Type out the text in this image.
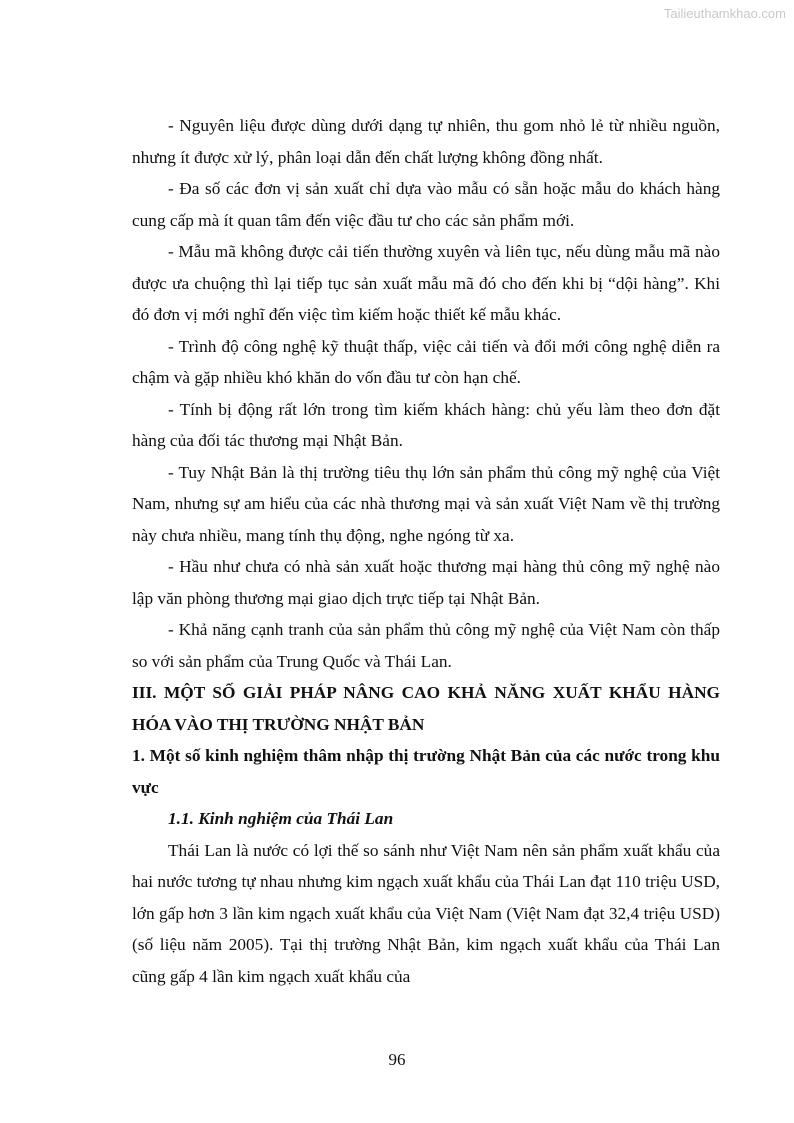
Tailieuthamkhao.com

- Nguyên liệu được dùng dưới dạng tự nhiên, thu gom nhỏ lẻ từ nhiều nguồn, nhưng ít được xử lý, phân loại dẫn đến chất lượng không đồng nhất.

- Đa số các đơn vị sản xuất chỉ dựa vào mẫu có sẵn hoặc mẫu do khách hàng cung cấp mà ít quan tâm đến việc đầu tư cho các sản phẩm mới.

- Mẫu mã không được cải tiến thường xuyên và liên tục, nếu dùng mẫu mã nào được ưa chuộng thì lại tiếp tục sản xuất mẫu mã đó cho đến khi bị “dội hàng”. Khi đó đơn vị mới nghĩ đến việc tìm kiếm hoặc thiết kế mẫu khác.

- Trình độ công nghệ kỹ thuật thấp, việc cải tiến và đổi mới công nghệ diễn ra chậm và gặp nhiều khó khăn do vốn đầu tư còn hạn chế.

- Tính bị động rất lớn trong tìm kiếm khách hàng: chủ yếu làm theo đơn đặt hàng của đối tác thương mại Nhật Bản.

- Tuy Nhật Bản là thị trường tiêu thụ lớn sản phẩm thủ công mỹ nghệ của Việt Nam, nhưng sự am hiểu của các nhà thương mại và sản xuất Việt Nam về thị trường này chưa nhiều, mang tính thụ động, nghe ngóng từ xa.

- Hầu như chưa có nhà sản xuất hoặc thương mại hàng thủ công mỹ nghệ nào lập văn phòng thương mại giao dịch trực tiếp tại Nhật Bản.

- Khả năng cạnh tranh của sản phẩm thủ công mỹ nghệ của Việt Nam còn thấp so với sản phẩm của Trung Quốc và Thái Lan.

III. MỘT SỐ GIẢI PHÁP NÂNG CAO KHẢ NĂNG XUẤT KHẨU HÀNG HÓA VÀO THỊ TRƯỜNG NHẬT BẢN

1. Một số kinh nghiệm thâm nhập thị trường Nhật Bản của các nước trong khu vực

1.1. Kinh nghiệm của Thái Lan

Thái Lan là nước có lợi thế so sánh như Việt Nam nên sản phẩm xuất khẩu của hai nước tương tự nhau nhưng kim ngạch xuất khẩu của Thái Lan đạt 110 triệu USD, lớn gấp hơn 3 lần kim ngạch xuất khẩu của Việt Nam (Việt Nam đạt 32,4 triệu USD) (số liệu năm 2005). Tại thị trường Nhật Bản, kim ngạch xuất khẩu của Thái Lan cũng gấp 4 lần kim ngạch xuất khẩu của

96
